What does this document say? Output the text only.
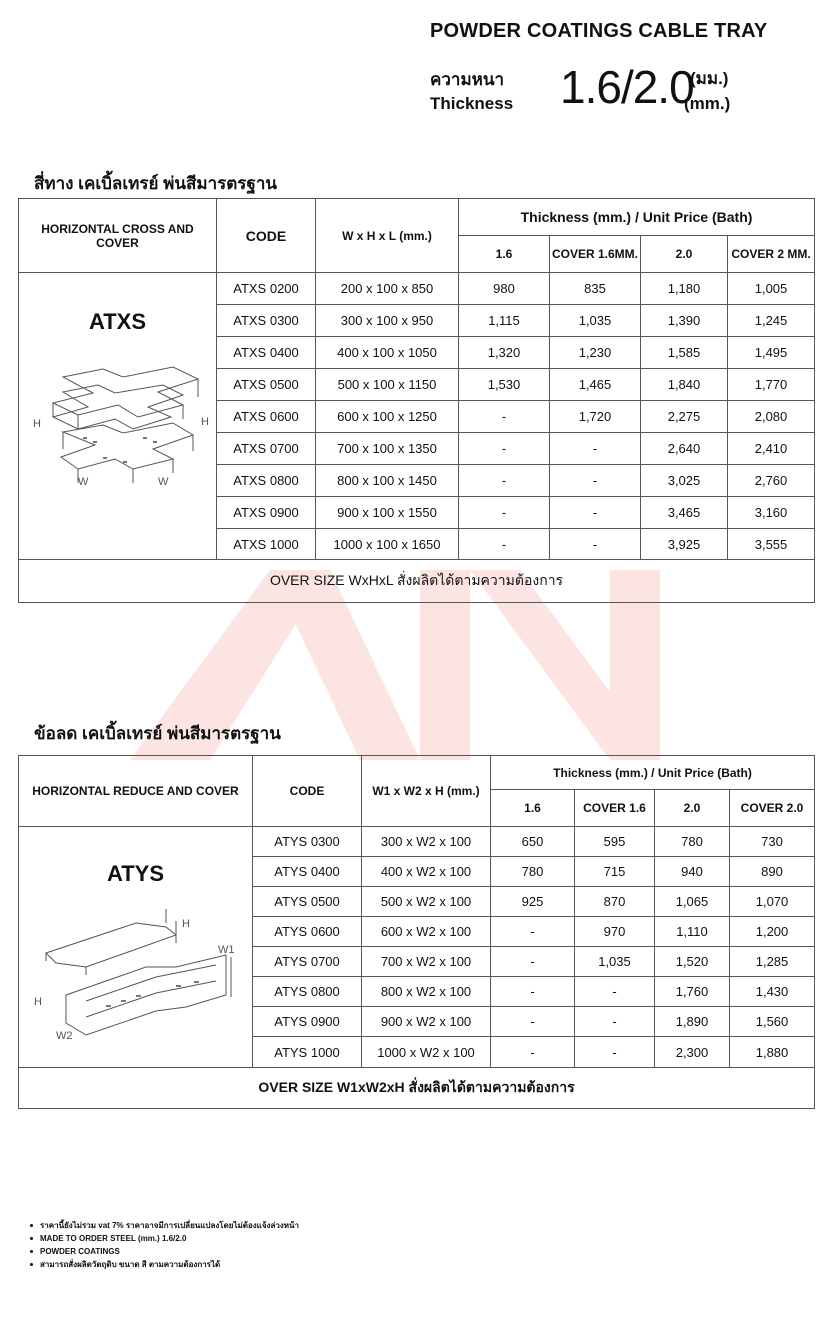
POWDER COATINGS CABLE TRAY
ความหนา
Thickness 1.6/2.0
(มม.)
(mm.)
สี่ทาง เคเบิ้ลเทรย์ พ่นสีมารตรฐาน
HORIZONTAL CROSS AND COVER	CODE	W x H x L (mm.)	Thickness (mm.) / Unit Price (Bath)			
			1.6	COVER 1.6MM.	2.0	COVER 2 MM.

ATXS
H H
W W	ATXS 0200	200 x 100 x 850	980	835	1,180	1,005
	ATXS 0300	300 x 100 x 950	1,115	1,035	1,390	1,245
	ATXS 0400	400 x 100 x 1050	1,320	1,230	1,585	1,495
	ATXS 0500	500 x 100 x 1150	1,530	1,465	1,840	1,770
	ATXS 0600	600 x 100 x 1250	-	1,720	2,275	2,080
	ATXS 0700	700 x 100 x 1350	-	-	2,640	2,410
	ATXS 0800	800 x 100 x 1450	-	-	3,025	2,760
	ATXS 0900	900 x 100 x 1550	-	-	3,465	3,160
	ATXS 1000	1000 x 100 x 1650	-	-	3,925	3,555
OVER SIZE WxHxL สั่งผลิตได้ตามความต้องการ						
ข้อลด เคเบิ้ลเทรย์ พ่นสีมารตรฐาน
HORIZONTAL REDUCE AND COVER	CODE	W1 x W2 x H (mm.)	Thickness (mm.) / Unit Price (Bath)			
			1.6	COVER 1.6	2.0	COVER 2.0

ATYS
H
H
W1
W2	ATYS 0300	300 x W2 x 100	650	595	780	730
	ATYS 0400	400 x W2 x 100	780	715	940	890
	ATYS 0500	500 x W2 x 100	925	870	1,065	1,070
	ATYS 0600	600 x W2 x 100	-	970	1,110	1,200
	ATYS 0700	700 x W2 x 100	-	1,035	1,520	1,285
	ATYS 0800	800 x W2 x 100	-	-	1,760	1,430
	ATYS 0900	900 x W2 x 100	-	-	1,890	1,560
	ATYS 1000	1000 x W2 x 100	-	-	2,300	1,880
OVER SIZE W1xW2xH สั่งผลิตได้ตามความต้องการ						
ราคานี้ยังไม่รวม vat 7% ราคาอาจมีการเปลี่ยนแปลงโดยไม่ต้องแจ้งล่วงหน้า
MADE TO ORDER STEEL (mm.) 1.6/2.0
POWDER COATINGS
สามารถสั่งผลิตวัตถุดิบ ขนาด สี ตามความต้องการได้
